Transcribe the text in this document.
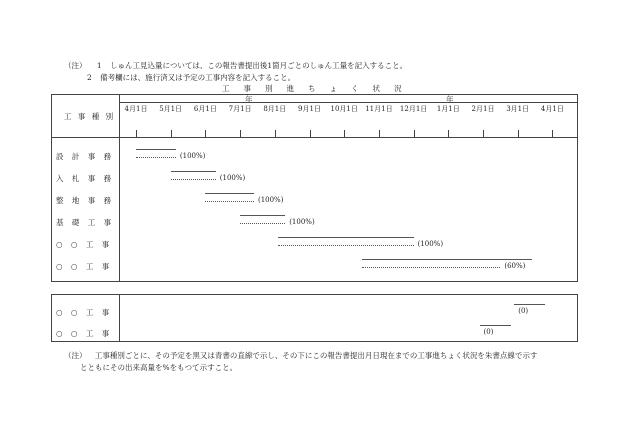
（注） 1 しゅん工見込量については、この報告書提出後1箇月ごとのしゅん工量を記入すること。
2 備考欄には、施行済又は予定の工事内容を記入すること。
工事別進ちょく状況
工 事 種 別
年	年
4月1日	5月1日	6月1日	7月1日	8月1日	9月1日	10月1日 11月1日 12月1日	1月1日	2月1日	3月1日	4月1日
設 計 事 務	(100%)
入 札 事 務	(100%)
整 地 事 務	(100%)
基 礎 工 事	(100%)
○ ○ 工 事	(100%)
○ ○ 工 事	(60%)
○ ○ 工 事	(0)
○ ○ 工 事	(0)
（注） 工事種別ごとに、その予定を黒又は青書の直線で示し、その下にこの報告書提出月日現在までの工事進ちょく状況を朱書点線で示す
とともにその出来高量を%をもつて示すこと。
